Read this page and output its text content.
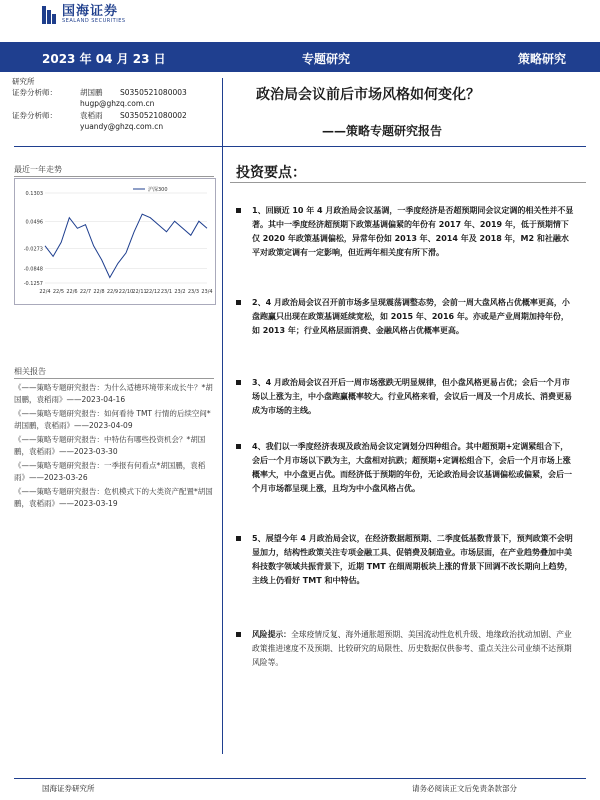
国海证券
SEALAND SECURITIES
2023 年 04 月 23 日	专题研究	策略研究
研究所
证券分析师：	胡国鹏	S0350521080003
hugp@ghzq.com.cn
证券分析师：	袁稻雨	S0350521080002
yuandy@ghzq.com.cn
政治局会议前后市场风格如何变化？
——策略专题研究报告
最近一年走势
0.1303
0.0496
-0.0273
-0.0848
-0.1257
22/4 22/5 22/6 22/7 22/8 22/9 22/10 22/11 22/12 23/1 23/2 23/3 23/4
沪深300
相关报告
《——策略专题研究报告：为什么适㯖环境带来成长牛？*胡国鹏，袁稻雨》——2023-04-16
《——策略专题研究报告：如何看待 TMT 行情的后续空间*胡国鹏，袁稻雨》——2023-04-09
《——策略专题研究报告：中特估有哪些投资机会？*胡国鹏，袁稻雨》——2023-03-30
《——策略专题研究报告：一季报有何看点*胡国鹏，袁稻雨》——2023-03-26
《——策略专题研究报告：危机模式下的大类资产配置*胡国鹏，袁稻雨》——2023-03-19
投资要点：
1、回顾近 10 年 4 月政治局会议基调，一季度经济是否超预期同会议定调的相关性并不显著。其中一季度经济超预期下政策基调偏紧的年份有 2017 年、2019 年，低于预期情下仅 2020 年政策基调偏松，异常年份如 2013 年、2014 年及 2018 年，M2 和社融水平对政策定调有一定影响，但近两年相关度有所下滑。
2、4 月政治局会议召开前市场多呈现震荡调整态势，会前一周大盘风格占优概率更高，小盘跑赢只出现在政策基调延续宽松，如 2015 年、2016 年。亦或是产业周期加持年份，如 2013 年；行业风格层面消费、金融风格占优概率更高。
3、4 月政治局会议召开后一周市场涨跌无明显规律，但小盘风格更易占优；会后一个月市场以上涨为主，中小盘跑赢概率较大。行业风格来看，会议后一周及一个月成长、消费更易成为市场的主线。
4、我们以一季度经济表现及政治局会议定调划分四种组合。其中超预期+定调紧组合下，会后一个月市场以下跌为主，大盘相对抗跌；超预期+定调松组合下，会后一个月市场上涨概率大，中小盘更占优。而经济低于预期的年份，无论政治局会议基调偏松或偏紧，会后一个月市场都呈现上涨，且均为中小盘风格占优。
5、展望今年 4 月政治局会议，在经济数据超预期、二季度低基数背景下，预判政策不会明显加力，结构性政策关注专项金融工具、促销费及制造业。市场层面，在产业趋势叠加中美科技数字领域共振背景下，近期 TMT 在细周期板块上涨的背景下回调不改长期向上趋势，主线上仍看好 TMT 和中特估。
风险提示：全球疫情反复、海外通胀超预期、美国流动性危机升级、地缘政治扰动加剧、产业政策推进速度不及预期、比较研究的局限性、历史数据仅供参考、重点关注公司业绩不达预期风险等。
国海证券研究所	请务必阅读正文后免责条款部分
